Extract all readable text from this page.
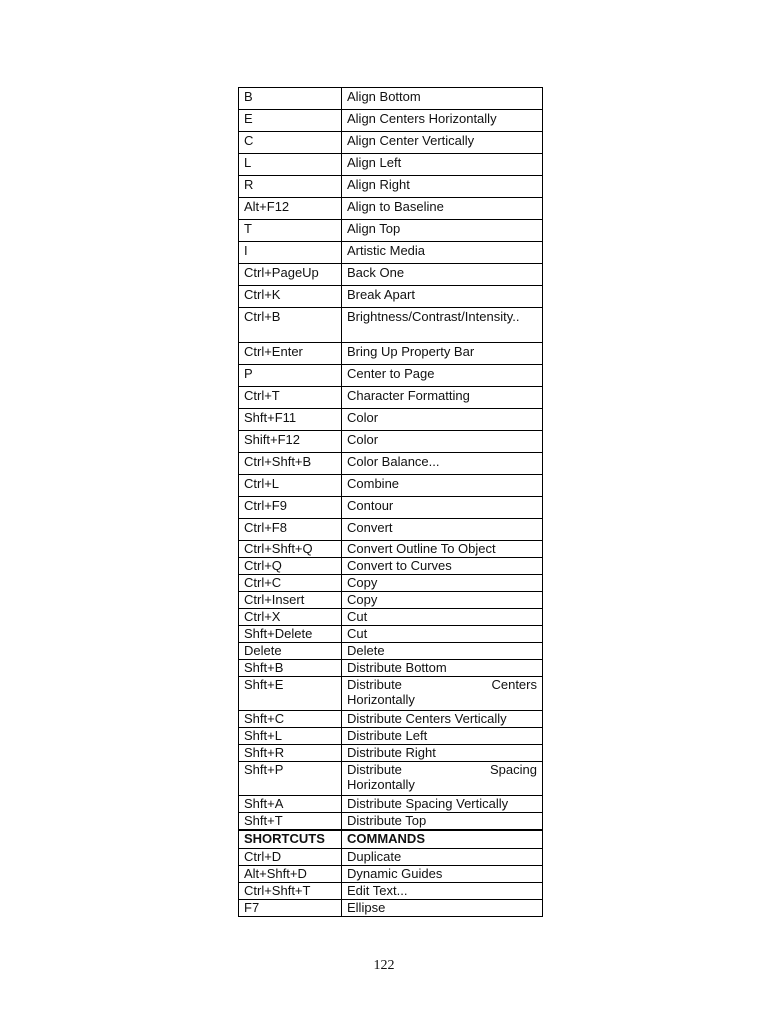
B	Align Bottom
E	Align Centers Horizontally
C	Align Center Vertically
L	Align Left
R	Align Right
Alt+F12	Align to Baseline
T	Align Top
I	Artistic Media
Ctrl+PageUp	Back One
Ctrl+K	Break Apart
Ctrl+B	Brightness/Contrast/Intensity..
Ctrl+Enter	Bring Up Property Bar
P	Center to Page
Ctrl+T	Character Formatting
Shft+F11	Color
Shift+F12	Color
Ctrl+Shft+B	Color Balance...
Ctrl+L	Combine
Ctrl+F9	Contour
Ctrl+F8	Convert
Ctrl+Shft+Q	Convert Outline To Object
Ctrl+Q	Convert to Curves
Ctrl+C	Copy
Ctrl+Insert	Copy
Ctrl+X	Cut
Shft+Delete	Cut
Delete	Delete
Shft+B	Distribute Bottom
Shft+E	Distribute Centers
Horizontally

Shft+C	Distribute Centers Vertically
Shft+L	Distribute Left
Shft+R	Distribute Right
Shft+P	Distribute Spacing
Horizontally

Shft+A	Distribute Spacing Vertically
Shft+T	Distribute Top
SHORTCUTS	COMMANDS
Ctrl+D	Duplicate
Alt+Shft+D	Dynamic Guides
Ctrl+Shft+T	Edit Text...
F7	Ellipse
122
